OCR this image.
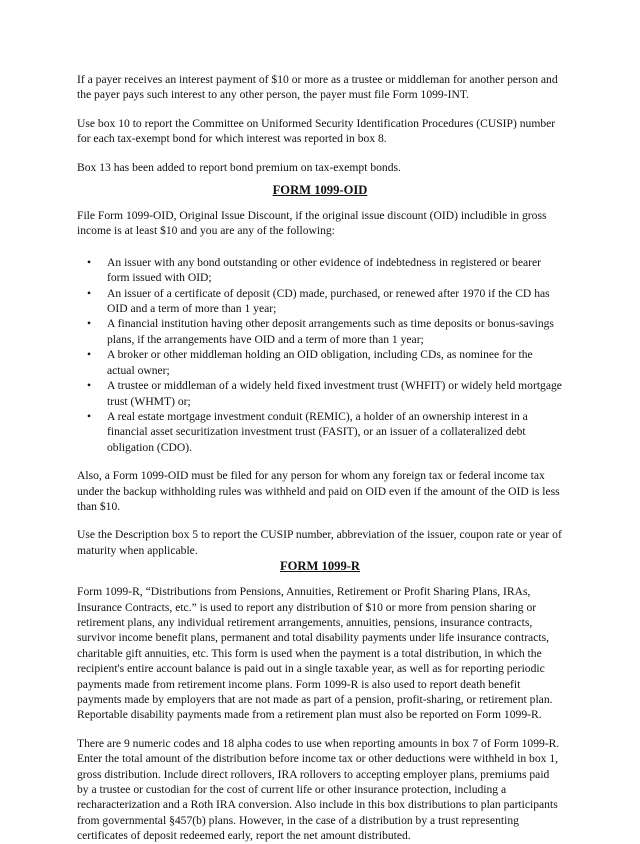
If a payer receives an interest payment of $10 or more as a trustee or middleman for another person and the payer pays such interest to any other person, the payer must file Form 1099-INT.

Use box 10 to report the Committee on Uniformed Security Identification Procedures (CUSIP) number for each tax-exempt bond for which interest was reported in box 8.

Box 13 has been added to report bond premium on tax-exempt bonds.

FORM 1099-OID

File Form 1099-OID, Original Issue Discount, if the original issue discount (OID) includible in gross income is at least $10 and you are any of the following:

• An issuer with any bond outstanding or other evidence of indebtedness in registered or bearer form issued with OID;
• An issuer of a certificate of deposit (CD) made, purchased, or renewed after 1970 if the CD has OID and a term of more than 1 year;
• A financial institution having other deposit arrangements such as time deposits or bonus-savings plans, if the arrangements have OID and a term of more than 1 year;
• A broker or other middleman holding an OID obligation, including CDs, as nominee for the actual owner;
• A trustee or middleman of a widely held fixed investment trust (WHFIT) or widely held mortgage trust (WHMT) or;
• A real estate mortgage investment conduit (REMIC), a holder of an ownership interest in a financial asset securitization investment trust (FASIT), or an issuer of a collateralized debt obligation (CDO).

Also, a Form 1099-OID must be filed for any person for whom any foreign tax or federal income tax under the backup withholding rules was withheld and paid on OID even if the amount of the OID is less than $10.

Use the Description box 5 to report the CUSIP number, abbreviation of the issuer, coupon rate or year of maturity when applicable.

FORM 1099-R

Form 1099-R, “Distributions from Pensions, Annuities, Retirement or Profit Sharing Plans, IRAs, Insurance Contracts, etc.” is used to report any distribution of $10 or more from pension sharing or retirement plans, any individual retirement arrangements, annuities, pensions, insurance contracts, survivor income benefit plans, permanent and total disability payments under life insurance contracts, charitable gift annuities, etc. This form is used when the payment is a total distribution, in which the recipient's entire account balance is paid out in a single taxable year, as well as for reporting periodic payments made from retirement income plans. Form 1099-R is also used to report death benefit payments made by employers that are not made as part of a pension, profit-sharing, or retirement plan. Reportable disability payments made from a retirement plan must also be reported on Form 1099-R.

There are 9 numeric codes and 18 alpha codes to use when reporting amounts in box 7 of Form 1099-R. Enter the total amount of the distribution before income tax or other deductions were withheld in box 1, gross distribution. Include direct rollovers, IRA rollovers to accepting employer plans, premiums paid by a trustee or custodian for the cost of current life or other insurance protection, including a recharacterization and a Roth IRA conversion. Also include in this box distributions to plan participants from governmental §457(b) plans. However, in the case of a distribution by a trust representing certificates of deposit redeemed early, report the net amount distributed.
